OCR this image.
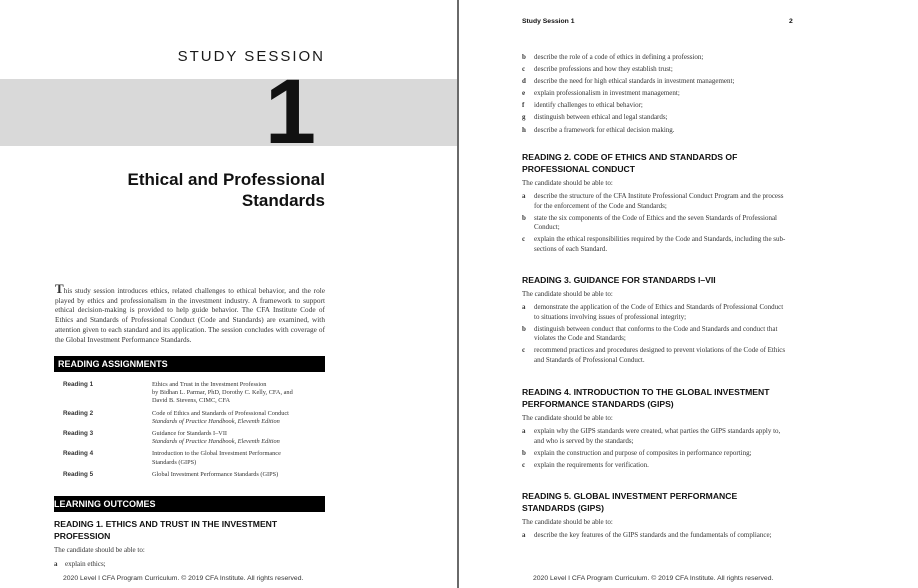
STUDY SESSION
1
Ethical and Professional
Standards
This study session introduces ethics, related challenges to ethical behavior, and the role played by ethics and professionalism in the investment industry. A framework to support ethical decision-making is provided to help guide behavior. The CFA Institute Code of Ethics and Standards of Professional Conduct (Code and Standards) are examined, with attention given to each standard and its application. The session concludes with coverage of the Global Investment Performance Standards.
READING ASSIGNMENTS
Reading 1	Ethics and Trust in the Investment Profession
by Bidhan L. Parmar, PhD, Dorothy C. Kelly, CFA, and
David B. Stevens, CIMC, CFA
Reading 2	Code of Ethics and Standards of Professional Conduct
Standards of Practice Handbook, Eleventh Edition
Reading 3	Guidance for Standards I–VII
Standards of Practice Handbook, Eleventh Edition
Reading 4	Introduction to the Global Investment Performance
Standards (GIPS)
Reading 5	Global Investment Performance Standards (GIPS)
LEARNING OUTCOMES
READING 1. ETHICS AND TRUST IN THE INVESTMENT
PROFESSION
The candidate should be able to:
a explain ethics;
2020 Level I CFA Program Curriculum. © 2019 CFA Institute. All rights reserved.
Study Session 1	2
b describe the role of a code of ethics in defining a profession;
c describe professions and how they establish trust;
d describe the need for high ethical standards in investment management;
e explain professionalism in investment management;
f identify challenges to ethical behavior;
g distinguish between ethical and legal standards;
h describe a framework for ethical decision making.
READING 2. CODE OF ETHICS AND STANDARDS OF PROFESSIONAL CONDUCT
The candidate should be able to:
a describe the structure of the CFA Institute Professional Conduct Program and the process for the enforcement of the Code and Standards;
b state the six components of the Code of Ethics and the seven Standards of Professional Conduct;
c explain the ethical responsibilities required by the Code and Standards, including the sub-sections of each Standard.
READING 3. GUIDANCE FOR STANDARDS I–VII
The candidate should be able to:
a demonstrate the application of the Code of Ethics and Standards of Professional Conduct to situations involving issues of professional integrity;
b distinguish between conduct that conforms to the Code and Standards and conduct that violates the Code and Standards;
c recommend practices and procedures designed to prevent violations of the Code of Ethics and Standards of Professional Conduct.
READING 4. INTRODUCTION TO THE GLOBAL INVESTMENT PERFORMANCE STANDARDS (GIPS)
The candidate should be able to:
a explain why the GIPS standards were created, what parties the GIPS standards apply to, and who is served by the standards;
b explain the construction and purpose of composites in performance reporting;
c explain the requirements for verification.
READING 5. GLOBAL INVESTMENT PERFORMANCE STANDARDS (GIPS)
The candidate should be able to:
a describe the key features of the GIPS standards and the fundamentals of compliance;
2020 Level I CFA Program Curriculum. © 2019 CFA Institute. All rights reserved.
